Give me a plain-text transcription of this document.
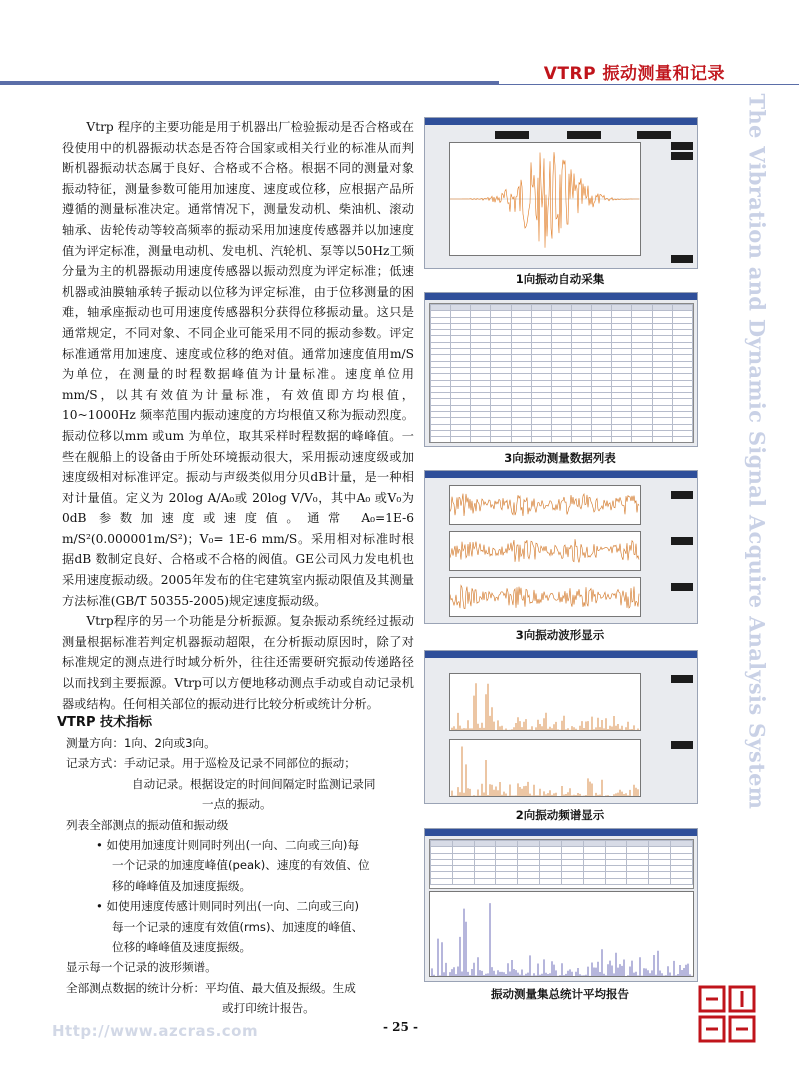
VTRP 振动测量和记录
The Vibration and Dynamic Signal Acquire Analysis System

Vtrp 程序的主要功能是用于机器出厂检验振动是否合格或在役使用中的机器振动状态是否符合国家或相关行业的标准从而判断机器振动状态属于良好、合格或不合格。根据不同的测量对象振动特征，测量参数可能用加速度、速度或位移，应根据产品所遵循的测量标准决定。通常情况下，测量发动机、柴油机、滚动轴承、齿轮传动等较高频率的振动采用加速度传感器并以加速度值为评定标准，测量电动机、发电机、汽轮机、泵等以50Hz工频分量为主的机器振动用速度传感器以振动烈度为评定标准；低速机器或油膜轴承转子振动以位移为评定标准，由于位移测量的困难，轴承座振动也可用速度传感器积分获得位移振动量。这只是通常规定，不同对象、不同企业可能采用不同的振动参数。评定标准通常用加速度、速度或位移的绝对值。通常加速度值用m/S 为单位，在测量的时程数据峰值为计量标准。速度单位用mm/S，以其有效值为计量标准，有效值即方均根值，10~1000Hz 频率范围内振动速度的方均根值又称为振动烈度。振动位移以mm 或um 为单位，取其采样时程数据的峰峰值。一些在舰船上的设备由于所处环境振动很大，采用振动速度级或加速度级相对标准评定。振动与声级类似用分贝dB计量，是一种相对计量值。定义为 20log A/A₀或 20log V/V₀，其中A₀ 或V₀为0dB 参数加速度或速度值。通常 A₀=1E-6 m/S²(0.000001m/S²)；V₀= 1E-6 mm/S。采用相对标准时根据dB 数制定良好、合格或不合格的阀值。GE公司风力发电机也采用速度振动级。2005年发布的住宅建筑室内振动限值及其测量方法标准(GB/T 50355-2005)规定速度振动级。

Vtrp程序的另一个功能是分析振源。复杂振动系统经过振动测量根据标准若判定机器振动超限，在分析振动原因时，除了对标准规定的测点进行时域分析外，往往还需要研究振动传递路径以而找到主要振源。Vtrp可以方便地移动测点手动或自动记录机器或结构。任何相关部位的振动进行比较分析或统计分析。

VTRP 技术指标
测量方向：1向、2向或3向。
记录方式：手动记录。用于巡检及记录不同部位的振动；
自动记录。根据设定的时间间隔定时监测记录同
一点的振动。
列表全部测点的振动值和振动级
• 如使用加速度计则同时列出(一向、二向或三向)每
一个记录的加速度峰值(peak)、速度的有效值、位
移的峰峰值及加速度振级。
• 如使用速度传感计则同时列出(一向、二向或三向)
每一个记录的速度有效值(rms)、加速度的峰值、
位移的峰峰值及速度振级。
显示每一个记录的波形频谱。
全部测点数据的统计分析：平均值、最大值及振级。生成
或打印统计报告。
1向振动自动采集

3向振动测量数据列表
3向振动波形显示
2向振动频谱显示

振动测量集总统计平均报告
Http://www.azcras.com	- 25 -
